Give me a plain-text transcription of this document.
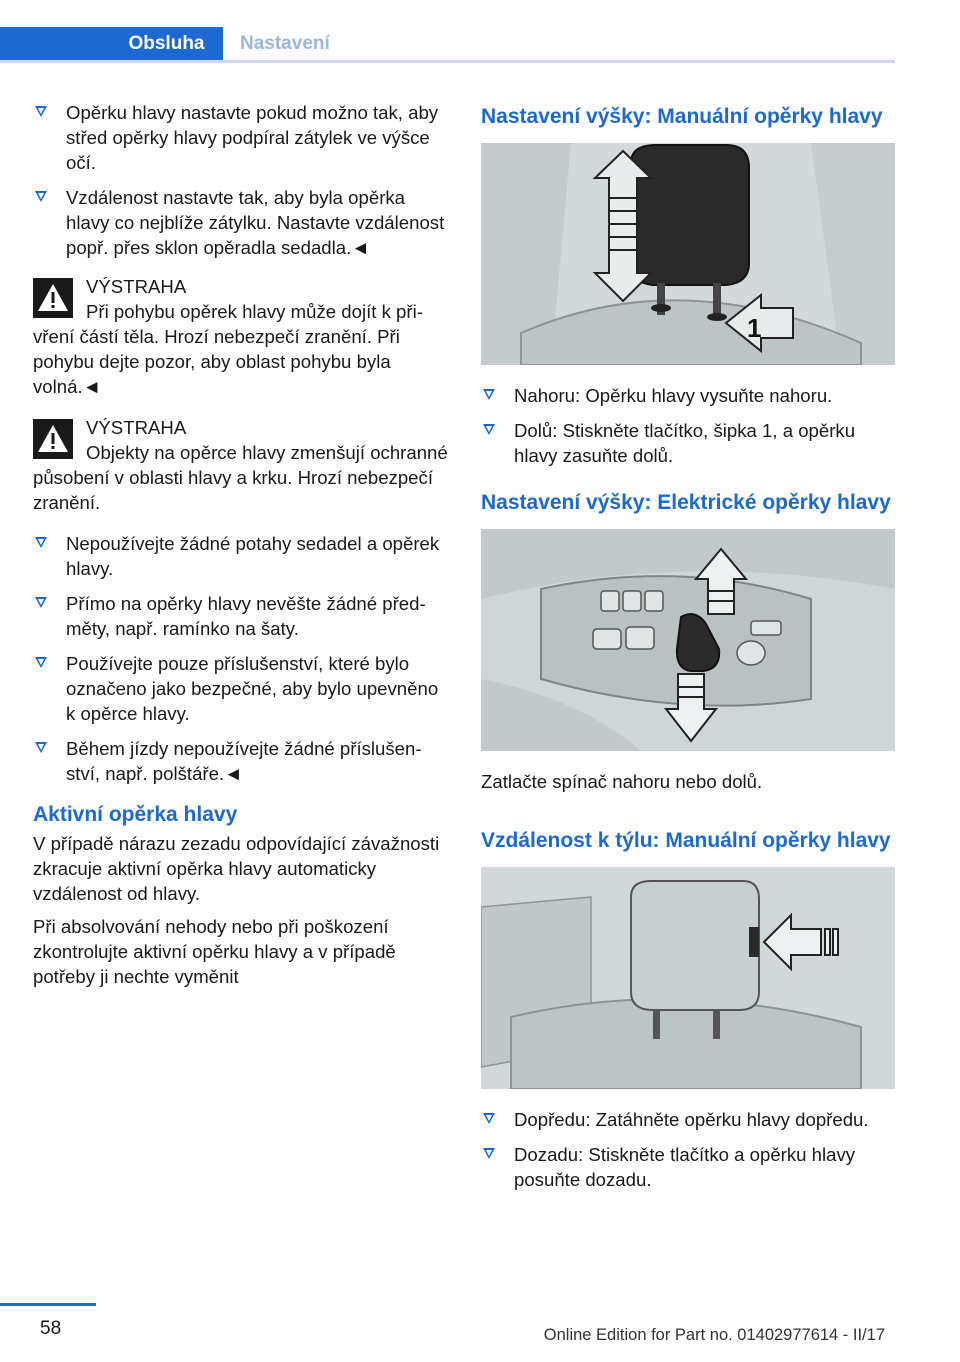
Obsluha Nastavení
Opěrku hlavy nastavte pokud možno tak, aby střed opěrky hlavy podpíral zátylek ve výšce očí.
Vzdálenost nastavte tak, aby byla opěrka hlavy co nejblíže zátylku. Nastavte vzdálenost popř. přes sklon opěradla sedadla.◄
VÝSTRAHA
Při pohybu opěrek hlavy může dojít k přivření částí těla. Hrozí nebezpečí zranění. Při pohybu dejte pozor, aby oblast pohybu byla volná.◄
VÝSTRAHA
Objekty na opěrce hlavy zmenšují ochranné působení v oblasti hlavy a krku. Hrozí nebezpečí zranění.
Nepoužívejte žádné potahy sedadel a opěrek hlavy.
Přímo na opěrky hlavy nevěšte žádné předměty, např. ramínko na šaty.
Používejte pouze příslušenství, které bylo označeno jako bezpečné, aby bylo upevněno k opěrce hlavy.
Během jízdy nepoužívejte žádné příslušenství, např. polštáře.◄
Aktivní opěrka hlavy
V případě nárazu zezadu odpovídající závažnosti zkracuje aktivní opěrka hlavy automaticky vzdálenost od hlavy.
Při absolvování nehody nebo při poškození zkontrolujte aktivní opěrku hlavy a v případě potřeby ji nechte vyměnit
Nastavení výšky: Manuální opěrky hlavy
1
Nahoru: Opěrku hlavy vysuňte nahoru.
Dolů: Stiskněte tlačítko, šipka 1, a opěrku hlavy zasuňte dolů.
Nastavení výšky: Elektrické opěrky hlavy
Zatlačte spínač nahoru nebo dolů.
Vzdálenost k týlu: Manuální opěrky hlavy
Dopředu: Zatáhněte opěrku hlavy dopředu.
Dozadu: Stiskněte tlačítko a opěrku hlavy posuňte dozadu.
58	Online Edition for Part no. 01402977614 - II/17
